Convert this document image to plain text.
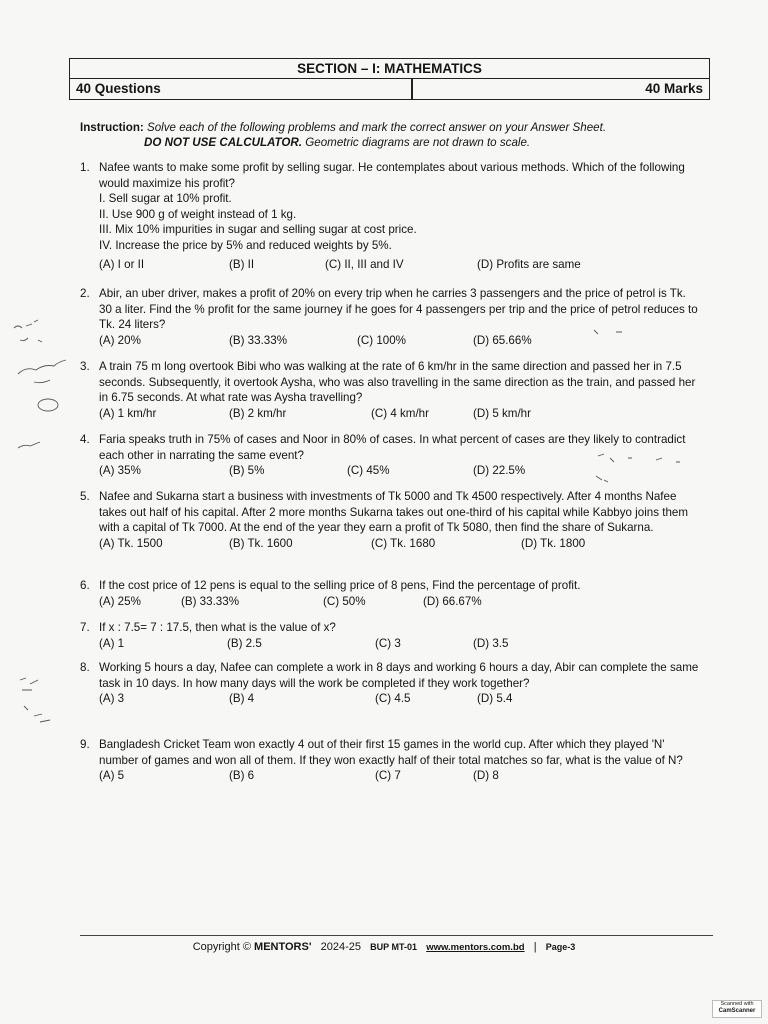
SECTION – I: MATHEMATICS
40 Questions	40 Marks
Instruction: Solve each of the following problems and mark the correct answer on your Answer Sheet.
DO NOT USE CALCULATOR. Geometric diagrams are not drawn to scale.
1. Nafee wants to make some profit by selling sugar. He contemplates about various methods. Which of the following would maximize his profit?
I. Sell sugar at 10% profit.
II. Use 900 g of weight instead of 1 kg.
III. Mix 10% impurities in sugar and selling sugar at cost price.
IV. Increase the price by 5% and reduced weights by 5%.
(A) I or II	(B) II	(C) II, III and IV	(D) Profits are same
2. Abir, an uber driver, makes a profit of 20% on every trip when he carries 3 passengers and the price of petrol is Tk. 30 a liter. Find the % profit for the same journey if he goes for 4 passengers per trip and the price of petrol reduces to Tk. 24 liters?
(A) 20%	(B) 33.33%	(C) 100%	(D) 65.66%
3. A train 75 m long overtook Bibi who was walking at the rate of 6 km/hr in the same direction and passed her in 7.5 seconds. Subsequently, it overtook Aysha, who was also travelling in the same direction as the train, and passed her in 6.75 seconds. At what rate was Aysha travelling?
(A) 1 km/hr	(B) 2 km/hr	(C) 4 km/hr	(D) 5 km/hr
4. Faria speaks truth in 75% of cases and Noor in 80% of cases. In what percent of cases are they likely to contradict each other in narrating the same event?
(A) 35%	(B) 5%	(C) 45%	(D) 22.5%
5. Nafee and Sukarna start a business with investments of Tk 5000 and Tk 4500 respectively. After 4 months Nafee takes out half of his capital. After 2 more months Sukarna takes out one-third of his capital while Kabbyo joins them with a capital of Tk 7000. At the end of the year they earn a profit of Tk 5080, then find the share of Sukarna.
(A) Tk. 1500	(B) Tk. 1600	(C) Tk. 1680	(D) Tk. 1800
6. If the cost price of 12 pens is equal to the selling price of 8 pens, Find the percentage of profit.
(A) 25%	(B) 33.33%	(C) 50%	(D) 66.67%
7. If x : 7.5= 7 : 17.5, then what is the value of x?
(A) 1	(B) 2.5	(C) 3	(D) 3.5
8. Working 5 hours a day, Nafee can complete a work in 8 days and working 6 hours a day, Abir can complete the same task in 10 days. In how many days will the work be completed if they work together?
(A) 3	(B) 4	(C) 4.5	(D) 5.4
9. Bangladesh Cricket Team won exactly 4 out of their first 15 games in the world cup. After which they played 'N' number of games and won all of them. If they won exactly half of their total matches so far, what is the value of N?
(A) 5	(B) 6	(C) 7	(D) 8
Copyright © MENTORS' 2024-25 BUP MT-01 www.mentors.com.bd | Page-3
Scanned with
CamScanner
